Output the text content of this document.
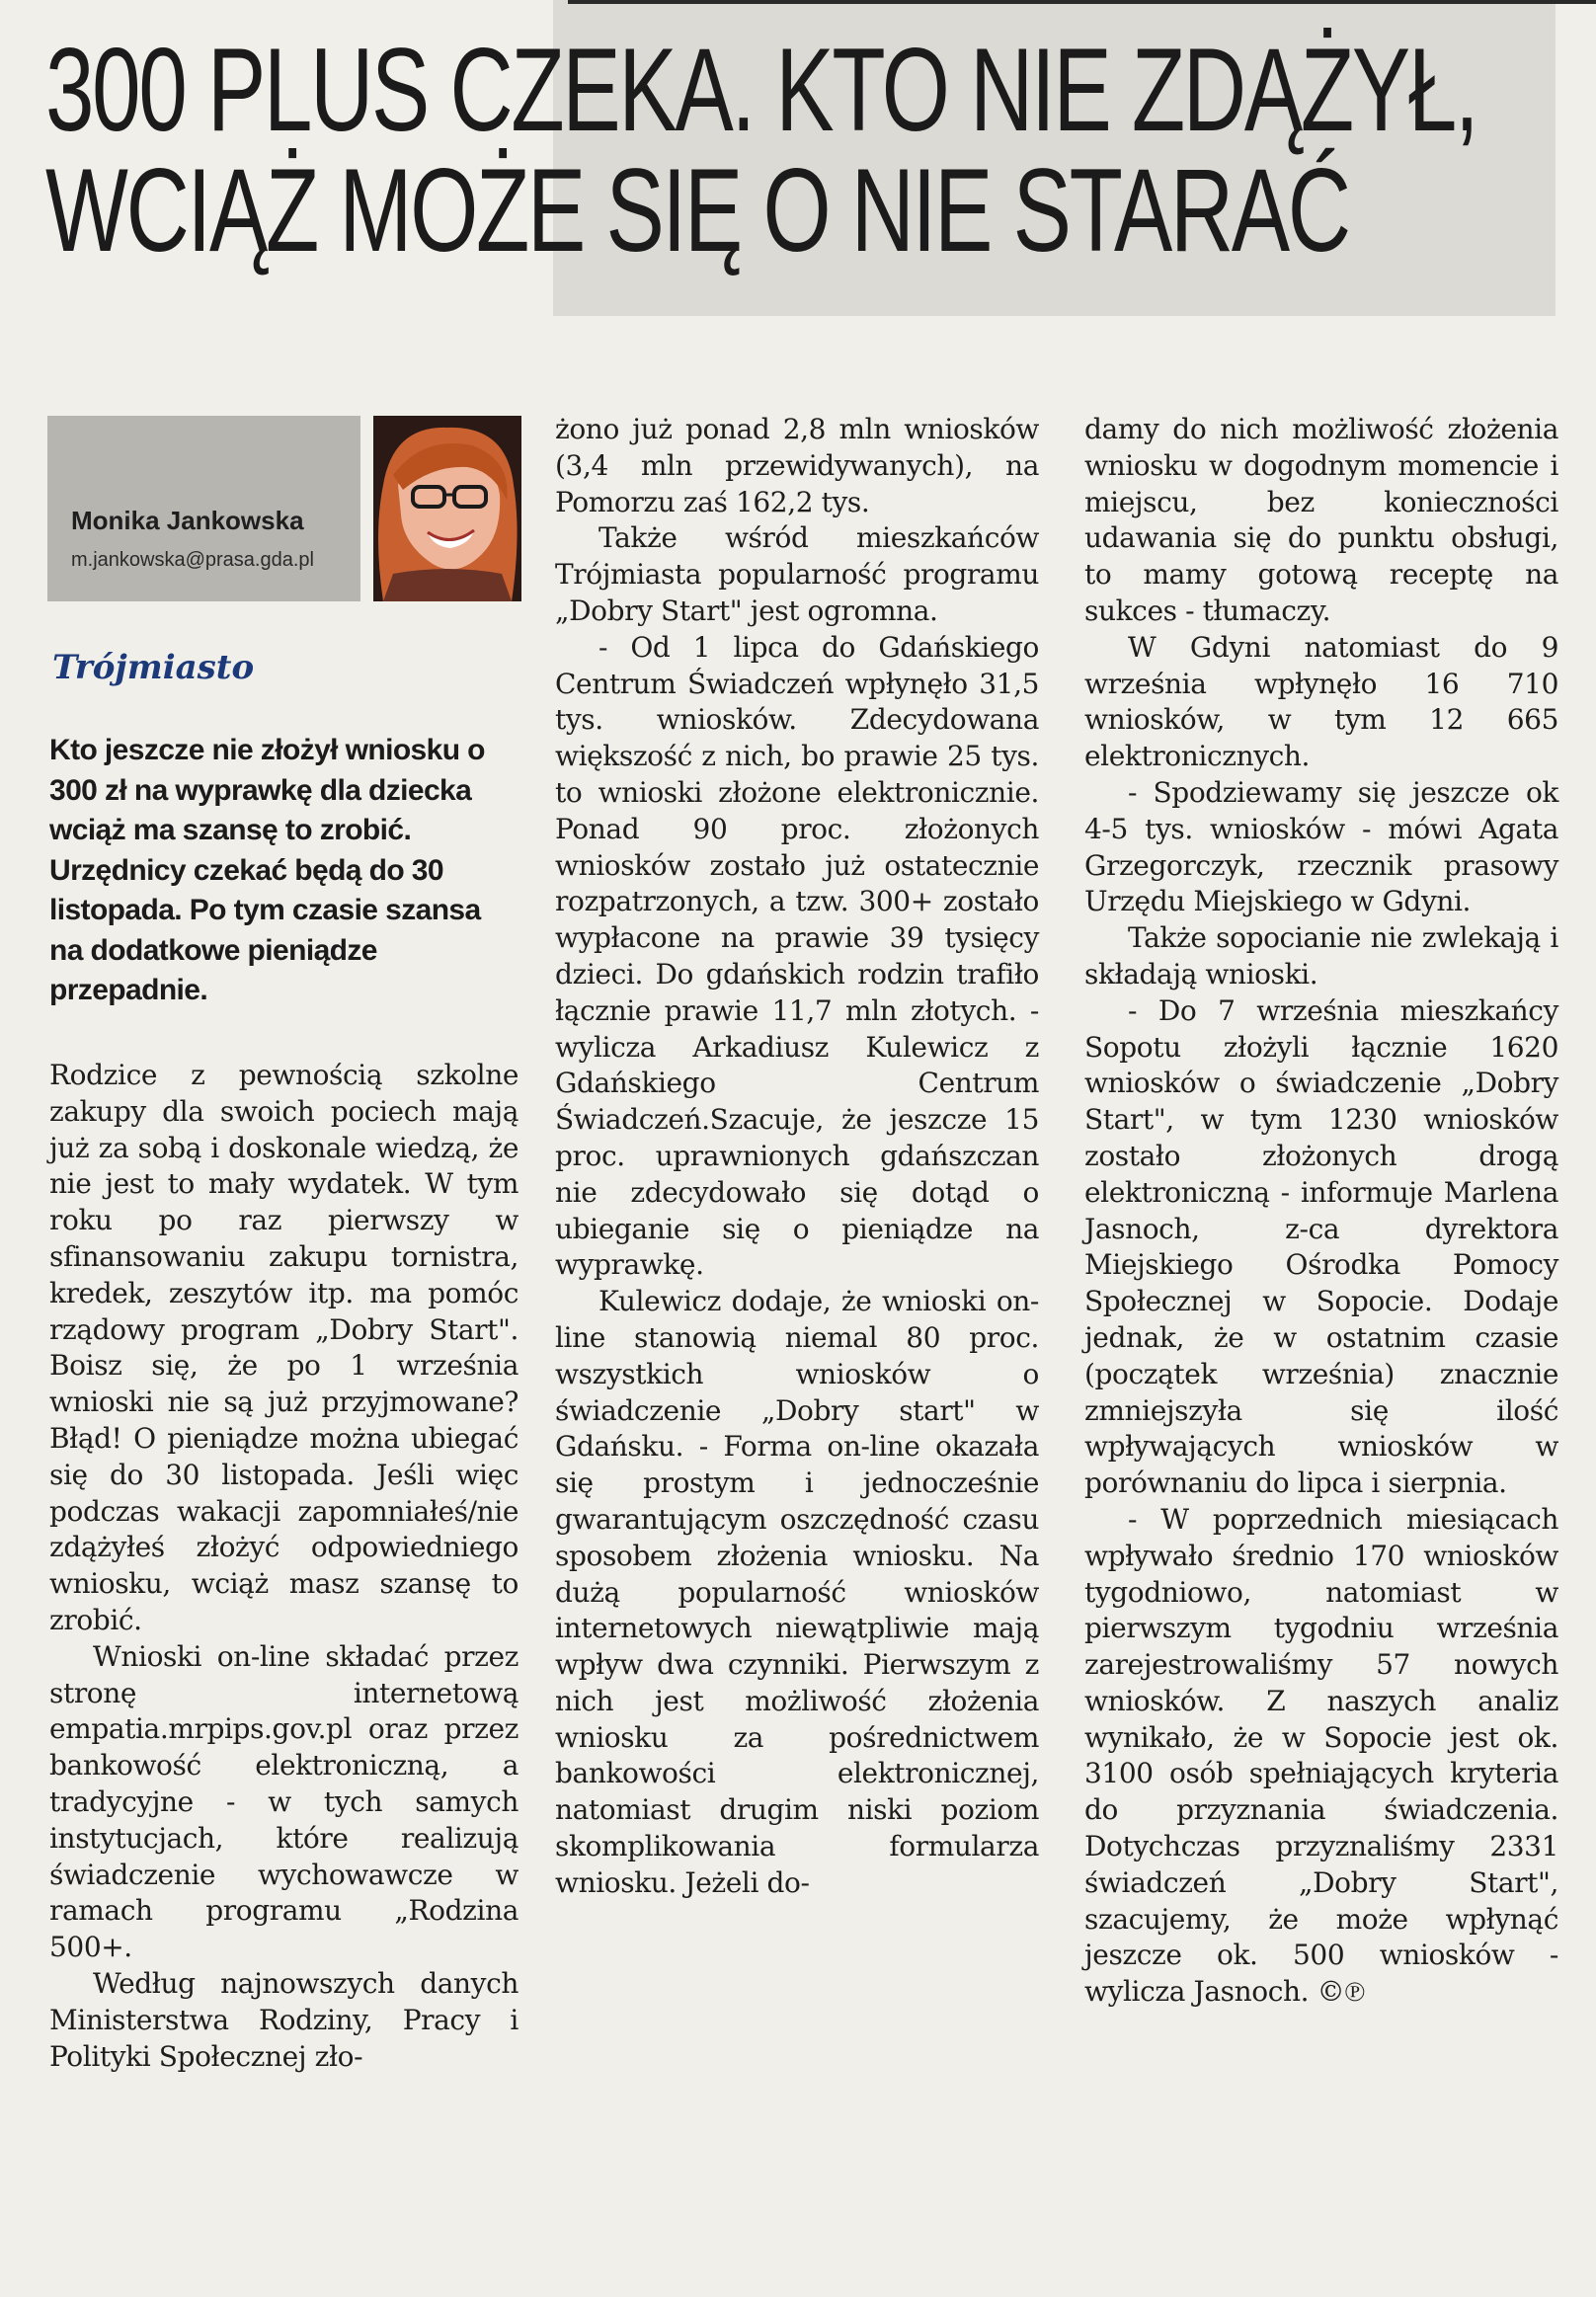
300 PLUS CZEKA. KTO NIE ZDĄŻYŁ,
WCIĄŻ MOŻE SIĘ O NIE STARAĆ
Monika Jankowska
m.jankowska@prasa.gda.pl
Trójmiasto

Kto jeszcze nie złożył wniosku o 300 zł na wyprawkę dla dziecka wciąż ma szansę to zrobić. Urzędnicy czekać będą do 30 listopada. Po tym czasie szansa na dodatkowe pieniądze przepadnie.

Rodzice z pewnością szkolne zakupy dla swoich pociech mają już za sobą i doskonale wiedzą, że nie jest to mały wydatek. W tym roku po raz pierwszy w sfinansowaniu zakupu tornistra, kredek, zeszytów itp. ma pomóc rządowy program „Dobry Start". Boisz się, że po 1 września wnioski nie są już przyjmowane? Błąd! O pieniądze można ubiegać się do 30 listopada. Jeśli więc podczas wakacji zapomniałeś/nie zdążyłeś złożyć odpowiedniego wniosku, wciąż masz szansę to zrobić.

Wnioski on-line składać przez stronę internetową empatia.mrpips.gov.pl oraz przez bankowość elektroniczną, a tradycyjne - w tych samych instytucjach, które realizują świadczenie wychowawcze w ramach programu „Rodzina 500+.

Według najnowszych danych Ministerstwa Rodziny, Pracy i Polityki Społecznej zło-

żono już ponad 2,8 mln wniosków (3,4 mln przewidywanych), na Pomorzu zaś 162,2 tys.

Także wśród mieszkańców Trójmiasta popularność programu „Dobry Start" jest ogromna.

- Od 1 lipca do Gdańskiego Centrum Świadczeń wpłynęło 31,5 tys. wniosków. Zdecydowana większość z nich, bo prawie 25 tys. to wnioski złożone elektronicznie. Ponad 90 proc. złożonych wniosków zostało już ostatecznie rozpatrzonych, a tzw. 300+ zostało wypłacone na prawie 39 tysięcy dzieci. Do gdańskich rodzin trafiło łącznie prawie 11,7 mln złotych. - wylicza Arkadiusz Kulewicz z Gdańskiego Centrum Świadczeń.Szacuje, że jeszcze 15 proc. uprawnionych gdańszczan nie zdecydowało się dotąd o ubieganie się o pieniądze na wyprawkę.

Kulewicz dodaje, że wnioski on-line stanowią niemal 80 proc. wszystkich wniosków o świadczenie „Dobry start" w Gdańsku. - Forma on-line okazała się prostym i jednocześnie gwarantującym oszczędność czasu sposobem złożenia wniosku. Na dużą popularność wniosków internetowych niewątpliwie mają wpływ dwa czynniki. Pierwszym z nich jest możliwość złożenia wniosku za pośrednictwem bankowości elektronicznej, natomiast drugim niski poziom skomplikowania formularza wniosku. Jeżeli do-

damy do nich możliwość złożenia wniosku w dogodnym momencie i miejscu, bez konieczności udawania się do punktu obsługi, to mamy gotową receptę na sukces - tłumaczy.

W Gdyni natomiast do 9 września wpłynęło 16 710 wniosków, w tym 12 665 elektronicznych.

- Spodziewamy się jeszcze ok 4-5 tys. wniosków - mówi Agata Grzegorczyk, rzecznik prasowy Urzędu Miejskiego w Gdyni.

Także sopocianie nie zwlekają i składają wnioski.

- Do 7 września mieszkańcy Sopotu złożyli łącznie 1620 wniosków o świadczenie „Dobry Start", w tym 1230 wniosków zostało złożonych drogą elektroniczną - informuje Marlena Jasnoch, z-ca dyrektora Miejskiego Ośrodka Pomocy Społecznej w Sopocie. Dodaje jednak, że w ostatnim czasie (początek września) znacznie zmniejszyła się ilość wpływających wniosków w porównaniu do lipca i sierpnia.

- W poprzednich miesiącach wpływało średnio 170 wniosków tygodniowo, natomiast w pierwszym tygodniu września zarejestrowaliśmy 57 nowych wniosków. Z naszych analiz wynikało, że w Sopocie jest ok. 3100 osób spełniających kryteria do przyznania świadczenia. Dotychczas przyznaliśmy 2331 świadczeń „Dobry Start", szacujemy, że może wpłynąć jeszcze ok. 500 wniosków - wylicza Jasnoch. ©℗
